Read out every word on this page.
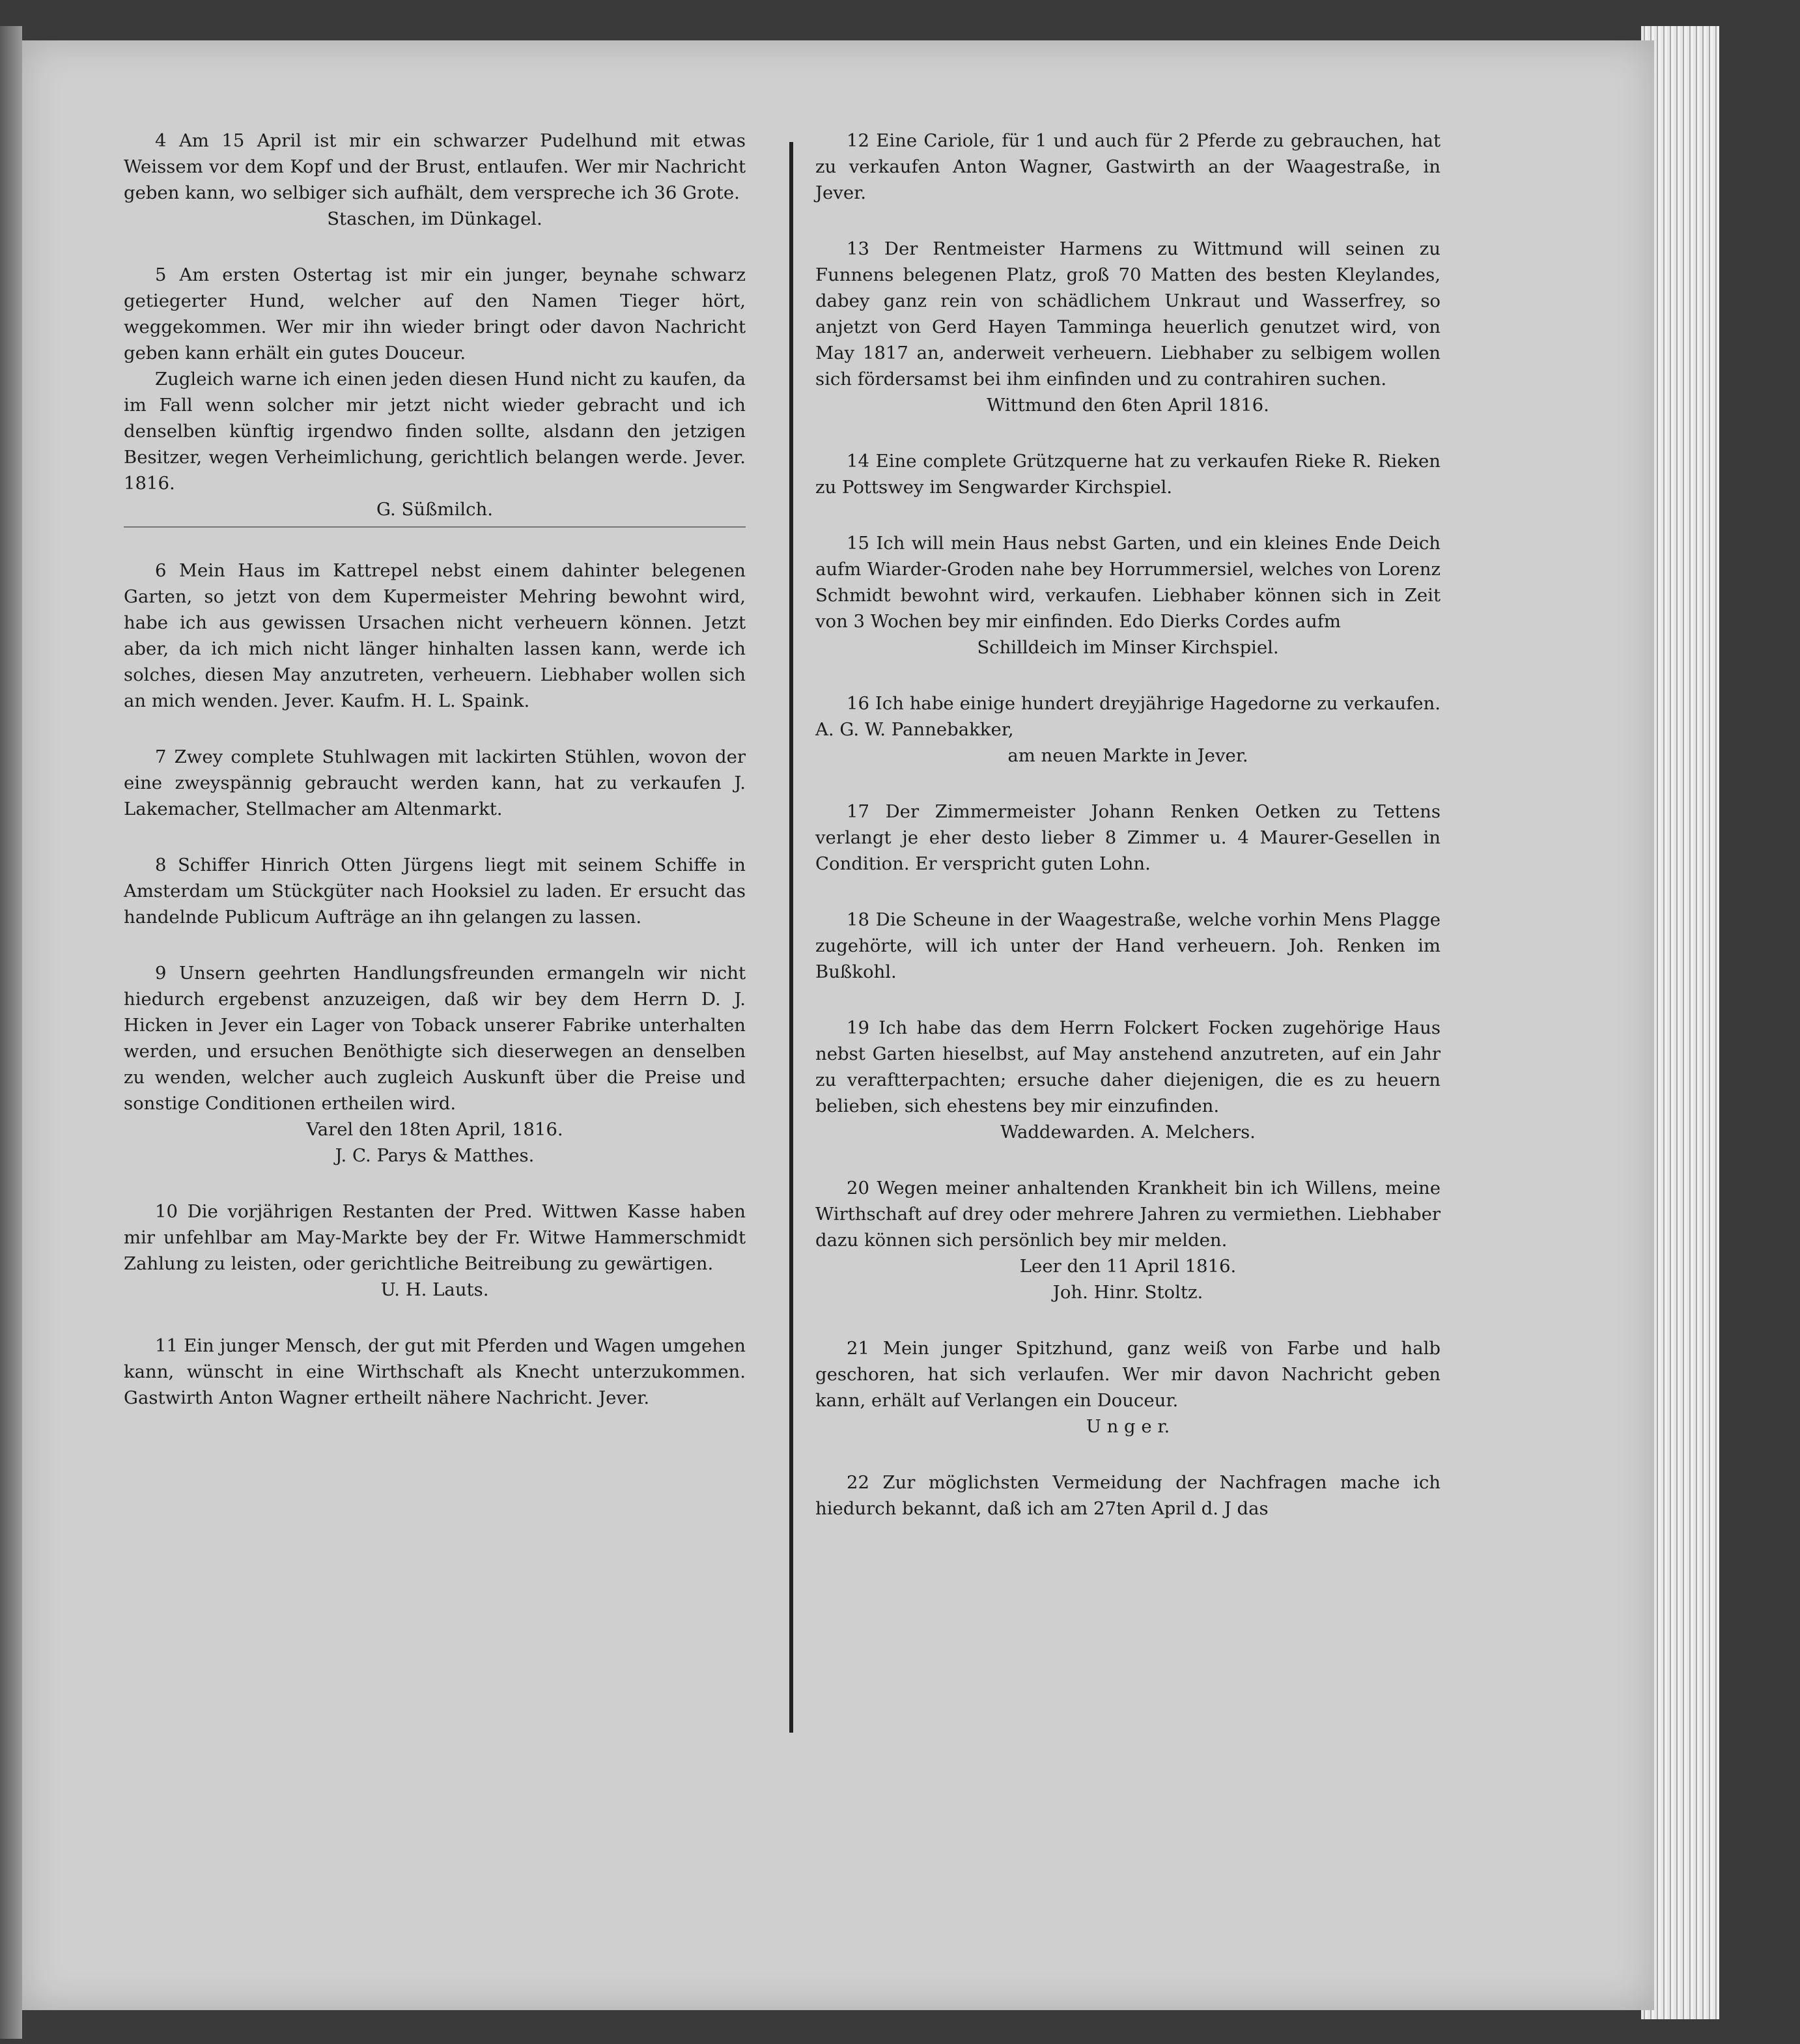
4 Am 15 April ist mir ein schwarzer Pudelhund mit etwas Weissem vor dem Kopf und der Brust, entlaufen. Wer mir Nachricht geben kann, wo selbiger sich aufhält, dem verspreche ich 36 Grote.

Staschen, im Dünkagel.

5 Am ersten Ostertag ist mir ein junger, beynahe schwarz getiegerter Hund, welcher auf den Namen Tieger hört, weggekommen. Wer mir ihn wieder bringt oder davon Nachricht geben kann erhält ein gutes Douceur.

Zugleich warne ich einen jeden diesen Hund nicht zu kaufen, da im Fall wenn solcher mir jetzt nicht wieder gebracht und ich denselben künftig irgendwo finden sollte, alsdann den jetzigen Besitzer, wegen Verheimlichung, gerichtlich belangen werde. Jever. 1816.

G. Süßmilch.

6 Mein Haus im Kattrepel nebst einem dahinter belegenen Garten, so jetzt von dem Kupermeister Mehring bewohnt wird, habe ich aus gewissen Ursachen nicht verheuern können. Jetzt aber, da ich mich nicht länger hinhalten lassen kann, werde ich solches, diesen May anzutreten, verheuern. Liebhaber wollen sich an mich wenden. Jever. Kaufm. H. L. Spaink.

7 Zwey complete Stuhlwagen mit lackirten Stühlen, wovon der eine zweyspännig gebraucht werden kann, hat zu verkaufen J. Lakemacher, Stellmacher am Altenmarkt.

8 Schiffer Hinrich Otten Jürgens liegt mit seinem Schiffe in Amsterdam um Stückgüter nach Hooksiel zu laden. Er ersucht das handelnde Publicum Aufträge an ihn gelangen zu lassen.

9 Unsern geehrten Handlungsfreunden ermangeln wir nicht hiedurch ergebenst anzuzeigen, daß wir bey dem Herrn D. J. Hicken in Jever ein Lager von Toback unserer Fabrike unterhalten werden, und ersuchen Benöthigte sich dieserwegen an denselben zu wenden, welcher auch zugleich Auskunft über die Preise und sonstige Conditionen ertheilen wird.

Varel den 18ten April, 1816.
J. C. Parys & Matthes.

10 Die vorjährigen Restanten der Pred. Wittwen Kasse haben mir unfehlbar am May-Markte bey der Fr. Witwe Hammerschmidt Zahlung zu leisten, oder gerichtliche Beitreibung zu gewärtigen.

U. H. Lauts.

11 Ein junger Mensch, der gut mit Pferden und Wagen umgehen kann, wünscht in eine Wirthschaft als Knecht unterzukommen. Gastwirth Anton Wagner ertheilt nähere Nachricht. Jever.

12 Eine Cariole, für 1 und auch für 2 Pferde zu gebrauchen, hat zu verkaufen Anton Wagner, Gastwirth an der Waagestraße, in Jever.

13 Der Rentmeister Harmens zu Wittmund will seinen zu Funnens belegenen Platz, groß 70 Matten des besten Kleylandes, dabey ganz rein von schädlichem Unkraut und Wasserfrey, so anjetzt von Gerd Hayen Tamminga heuerlich genutzet wird, von May 1817 an, anderweit verheuern. Liebhaber zu selbigem wollen sich fördersamst bei ihm einfinden und zu contrahiren suchen.

Wittmund den 6ten April 1816.

14 Eine complete Grützquerne hat zu verkaufen Rieke R. Rieken zu Pottswey im Sengwarder Kirchspiel.

15 Ich will mein Haus nebst Garten, und ein kleines Ende Deich aufm Wiarder-Groden nahe bey Horrummersiel, welches von Lorenz Schmidt bewohnt wird, verkaufen. Liebhaber können sich in Zeit von 3 Wochen bey mir einfinden. Edo Dierks Cordes aufm

Schilldeich im Minser Kirchspiel.

16 Ich habe einige hundert dreyjährige Hagedorne zu verkaufen. A. G. W. Pannebakker,

am neuen Markte in Jever.

17 Der Zimmermeister Johann Renken Oetken zu Tettens verlangt je eher desto lieber 8 Zimmer u. 4 Maurer-Gesellen in Condition. Er verspricht guten Lohn.

18 Die Scheune in der Waagestraße, welche vorhin Mens Plagge zugehörte, will ich unter der Hand verheuern. Joh. Renken im Bußkohl.

19 Ich habe das dem Herrn Folckert Focken zugehörige Haus nebst Garten hieselbst, auf May anstehend anzutreten, auf ein Jahr zu veraftterpachten; ersuche daher diejenigen, die es zu heuern belieben, sich ehestens bey mir einzufinden.

Waddewarden. A. Melchers.

20 Wegen meiner anhaltenden Krankheit bin ich Willens, meine Wirthschaft auf drey oder mehrere Jahren zu vermiethen. Liebhaber dazu können sich persönlich bey mir melden.

Leer den 11 April 1816.
Joh. Hinr. Stoltz.

21 Mein junger Spitzhund, ganz weiß von Farbe und halb geschoren, hat sich verlaufen. Wer mir davon Nachricht geben kann, erhält auf Verlangen ein Douceur.

U n g e r.

22 Zur möglichsten Vermeidung der Nachfragen mache ich hiedurch bekannt, daß ich am 27ten April d. J das
